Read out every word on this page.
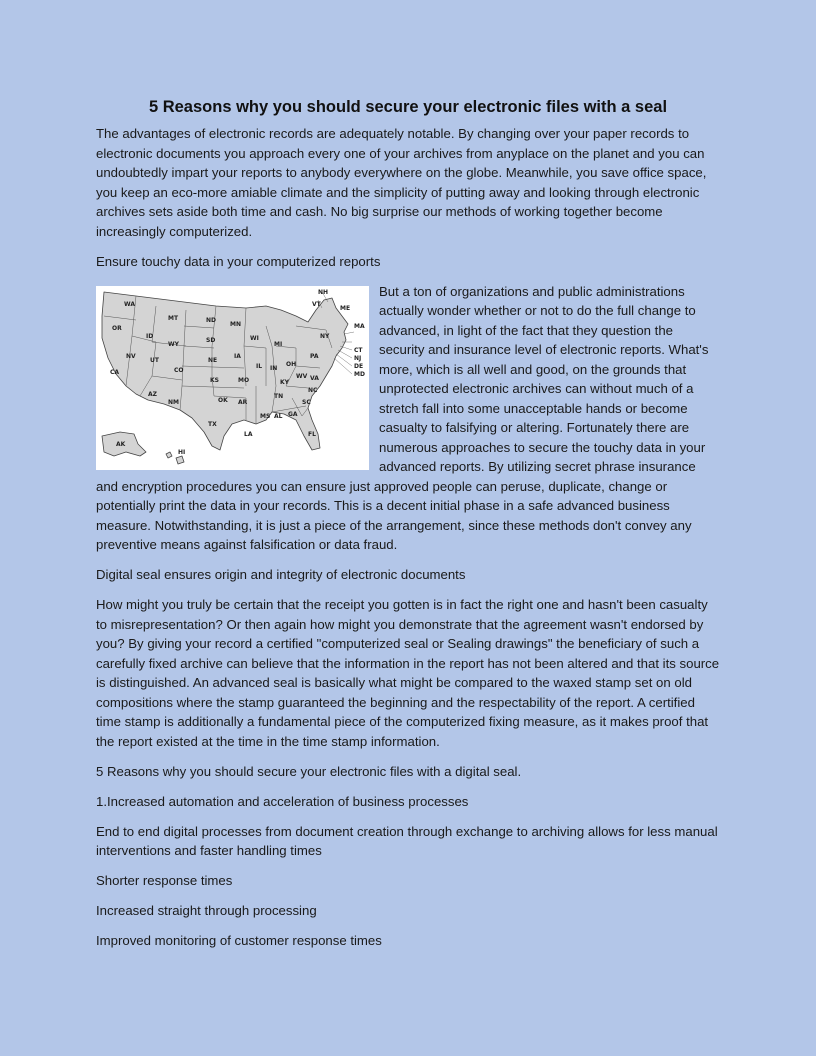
5 Reasons why you should secure your electronic files with a seal

The advantages of electronic records are adequately notable. By changing over your paper records to electronic documents you approach every one of your archives from anyplace on the planet and you can undoubtedly impart your reports to anybody everywhere on the globe. Meanwhile, you save office space, you keep an eco-more amiable climate and the simplicity of putting away and looking through electronic archives sets aside both time and cash. No big surprise our methods of working together become increasingly computerized.

Ensure touchy data in your computerized reports

WA
OR
ID
MT
WY
NV
CA
UT
AZ
CO
NM
ND
SD
NE
KS
OK
TX
MN
IA
MO
AR
LA
WI
IL
MI
IN
OH
KY
TN
MS AL GA
FL
SC
NC
VA
WV
PA
NY
VT
NH
ME
MA
CT
NJ
DE
MD
AK
HI

But a ton of organizations and public administrations actually wonder whether or not to do the full change to advanced, in light of the fact that they question the security and insurance level of electronic reports. What's more, which is all well and good, on the grounds that unprotected electronic archives can without much of a stretch fall into some unacceptable hands or become casualty to falsifying or altering. Fortunately there are numerous approaches to secure the touchy data in your advanced reports. By utilizing secret phrase insurance and encryption procedures you can ensure just approved people can peruse, duplicate, change or potentially print the data in your records. This is a decent initial phase in a safe advanced business measure. Notwithstanding, it is just a piece of the arrangement, since these methods don't convey any preventive means against falsification or data fraud.

Digital seal ensures origin and integrity of electronic documents

How might you truly be certain that the receipt you gotten is in fact the right one and hasn't been casualty to misrepresentation? Or then again how might you demonstrate that the agreement wasn't endorsed by you? By giving your record a certified "computerized seal or Sealing drawings" the beneficiary of such a carefully fixed archive can believe that the information in the report has not been altered and that its source is distinguished. An advanced seal is basically what might be compared to the waxed stamp set on old compositions where the stamp guaranteed the beginning and the respectability of the report. A certified time stamp is additionally a fundamental piece of the computerized fixing measure, as it makes proof that the report existed at the time in the time stamp information.

5 Reasons why you should secure your electronic files with a digital seal.

1.Increased automation and acceleration of business processes

End to end digital processes from document creation through exchange to archiving allows for less manual interventions and faster handling times

Shorter response times

Increased straight through processing

Improved monitoring of customer response times
